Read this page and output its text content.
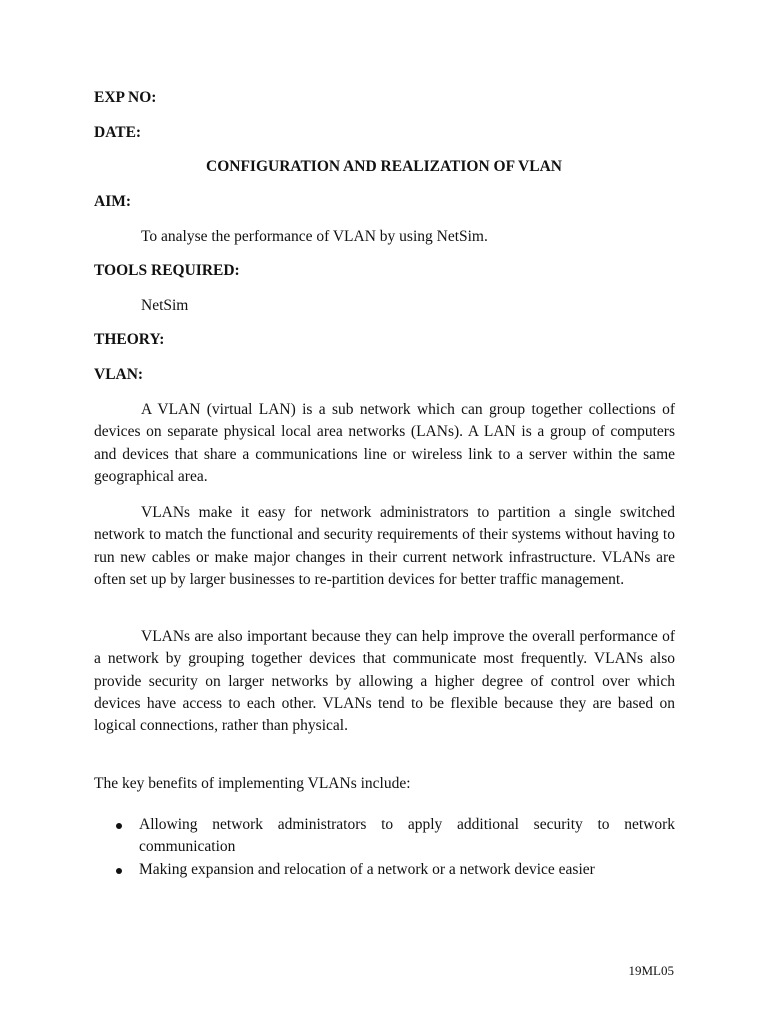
EXP NO:
DATE:
CONFIGURATION AND REALIZATION OF VLAN
AIM:
To analyse the performance of VLAN by using NetSim.
TOOLS REQUIRED:
NetSim
THEORY:
VLAN:

A VLAN (virtual LAN) is a sub network which can group together collections of devices on separate physical local area networks (LANs). A LAN is a group of computers and devices that share a communications line or wireless link to a server within the same geographical area.

VLANs make it easy for network administrators to partition a single switched network to match the functional and security requirements of their systems without having to run new cables or make major changes in their current network infrastructure. VLANs are often set up by larger businesses to re-partition devices for better traffic management.

VLANs are also important because they can help improve the overall performance of a network by grouping together devices that communicate most frequently. VLANs also provide security on larger networks by allowing a higher degree of control over which devices have access to each other. VLANs tend to be flexible because they are based on logical connections, rather than physical.

The key benefits of implementing VLANs include:

Allowing network administrators to apply additional security to network communication
Making expansion and relocation of a network or a network device easier
19ML05
